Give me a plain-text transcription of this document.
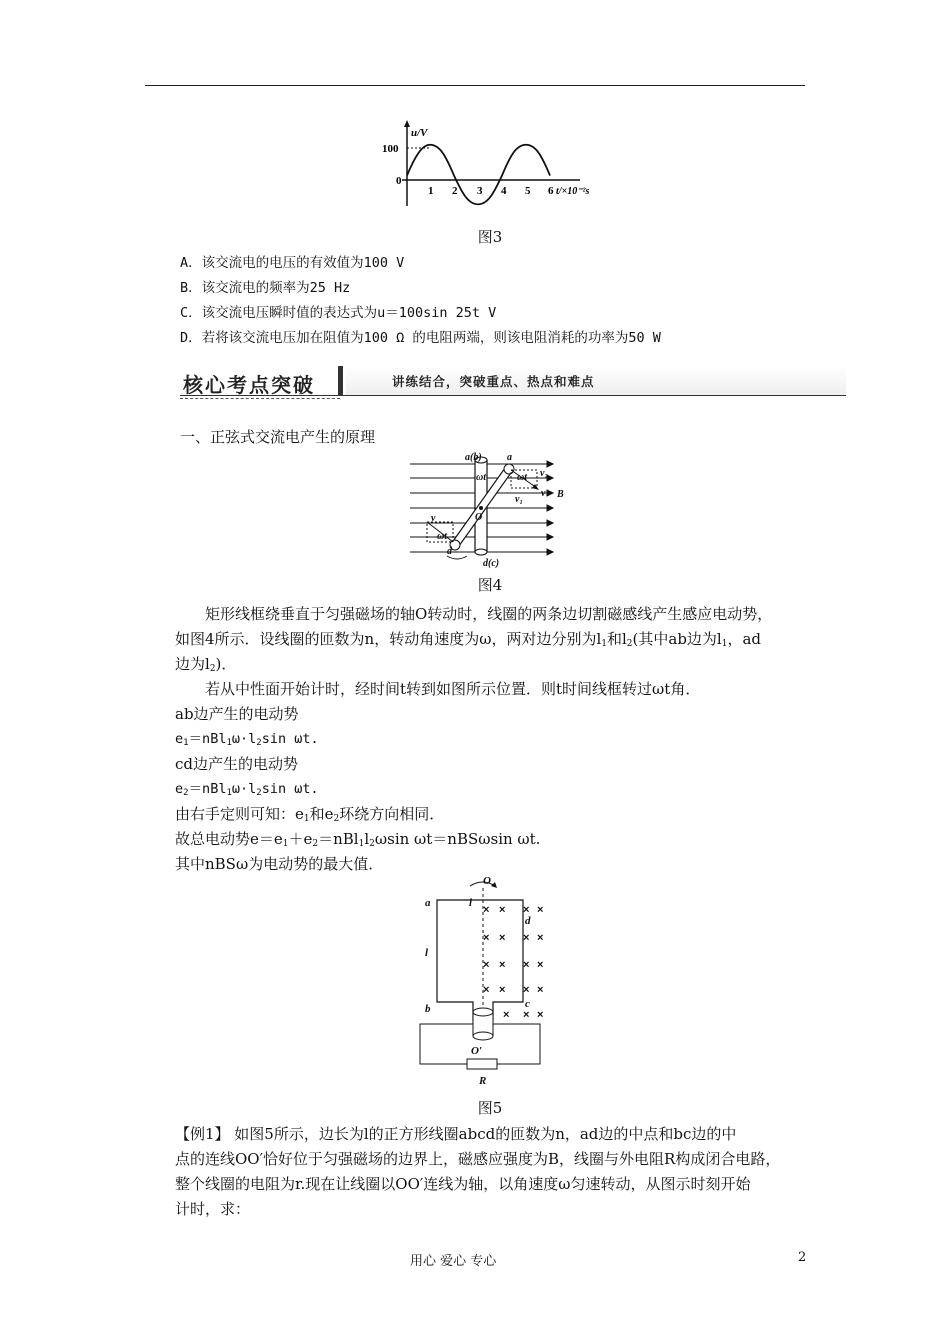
u/V
100
0
1 2 3 4 5 6 t/×10⁻²s
图3
A．该交流电的电压的有效值为100 V
B．该交流电的频率为25 Hz
C．该交流电压瞬时值的表达式为u＝100sin 25t V
D．若将该交流电压加在阻值为100 Ω 的电阻两端，则该电阻消耗的功率为50 W
核心考点突破	讲练结合，突破重点、热点和难点
一、正弦式交流电产生的原理
a(b)	a
ωt	ωt v₂
v
v₁	B
O
v
ωt
d
d(c)
图4
矩形线框绕垂直于匀强磁场的轴O转动时，线圈的两条边切割磁感线产生感应电动势，
如图4所示．设线圈的匝数为n，转动角速度为ω，两对边分别为$l_1$和$l_2$(其中ab边为$l_1$，ad
边为$l_2$)．
若从中性面开始计时，经时间t转到如图所示位置．则t时间线框转过ωt角．
ab边产生的电动势
$e_1=nBl_1\omega\cdot l_2\sin$ ωt.
cd边产生的电动势
$e_2=nBl_1\omega\cdot l_2\sin$ ωt.
由右手定则可知：$e_1$和$e_2$环绕方向相同．
故总电动势$e=e_1+e_2=nBl_1l_2\omega\sin$ ωt＝nBSωsin ωt.
其中nBSω为电动势的最大值．
× × × ×
× × × ×
× × × ×
× × × ×
× × ×
O
l
a
d
l
b	c
O′
R
图5
【例1】 如图5所示，边长为l的正方形线圈abcd的匝数为n，ad边的中点和bc边的中
点的连线OO′恰好位于匀强磁场的边界上，磁感应强度为B，线圈与外电阻R构成闭合电路，
整个线圈的电阻为r.现在让线圈以OO′连线为轴，以角速度ω匀速转动，从图示时刻开始
计时，求：
用心 爱心 专心	2
